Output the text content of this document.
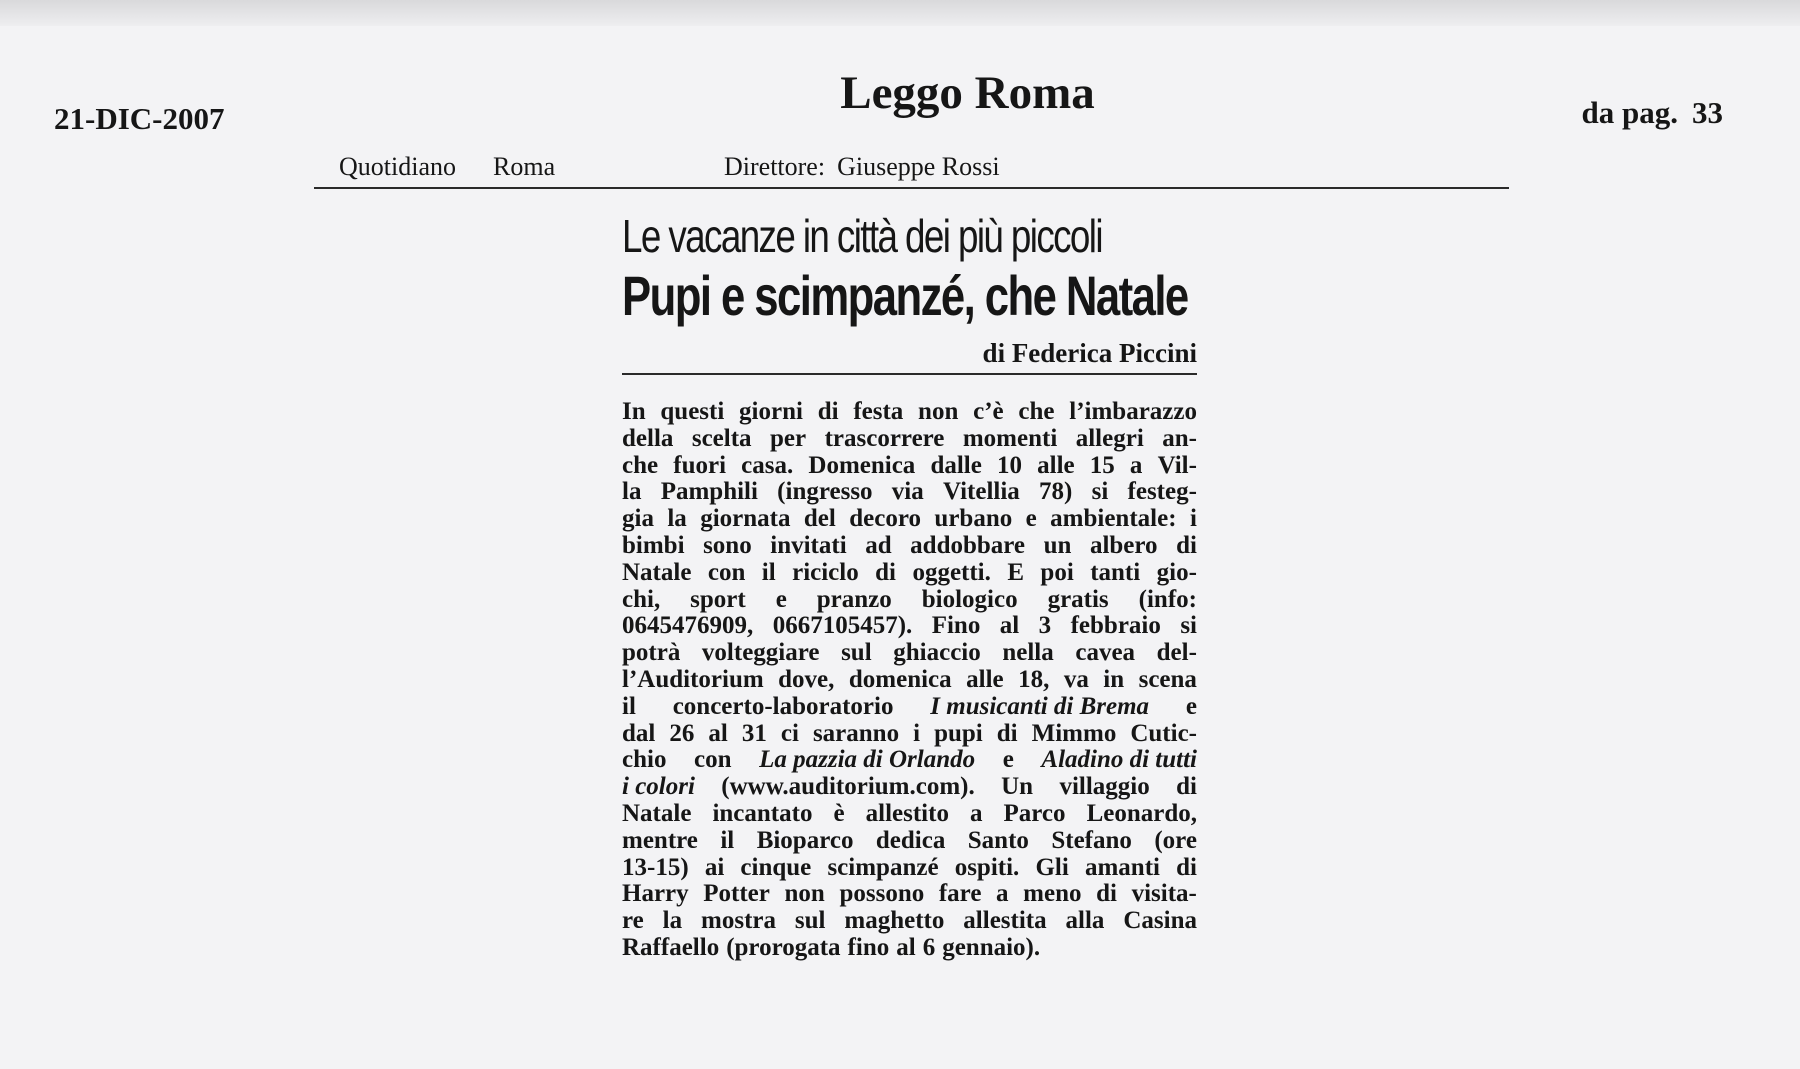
21-DIC-2007	Leggo Roma	da pag. 33
Quotidiano Roma	Direttore: Giuseppe Rossi
Le vacanze in città dei più piccoli
Pupi e scimpanzé, che Natale
di Federica Piccini
In questi giorni di festa non c’è che l’imbarazzo
della scelta per trascorrere momenti allegri an-
che fuori casa. Domenica dalle 10 alle 15 a Vil-
la Pamphili (ingresso via Vitellia 78) si festeg-
gia la giornata del decoro urbano e ambientale: i
bimbi sono invitati ad addobbare un albero di
Natale con il riciclo di oggetti. E poi tanti gio-
chi, sport e pranzo biologico gratis (info:
0645476909, 0667105457). Fino al 3 febbraio si
potrà volteggiare sul ghiaccio nella cavea del-
l’Auditorium dove, domenica alle 18, va in scena
il concerto-laboratorio I musicanti di Brema e
dal 26 al 31 ci saranno i pupi di Mimmo Cutic-
chio con La pazzia di Orlando e Aladino di tutti
i colori (www.auditorium.com). Un villaggio di
Natale incantato è allestito a Parco Leonardo,
mentre il Bioparco dedica Santo Stefano (ore
13-15) ai cinque scimpanzé ospiti. Gli amanti di
Harry Potter non possono fare a meno di visita-
re la mostra sul maghetto allestita alla Casina
Raffaello (prorogata fino al 6 gennaio).
